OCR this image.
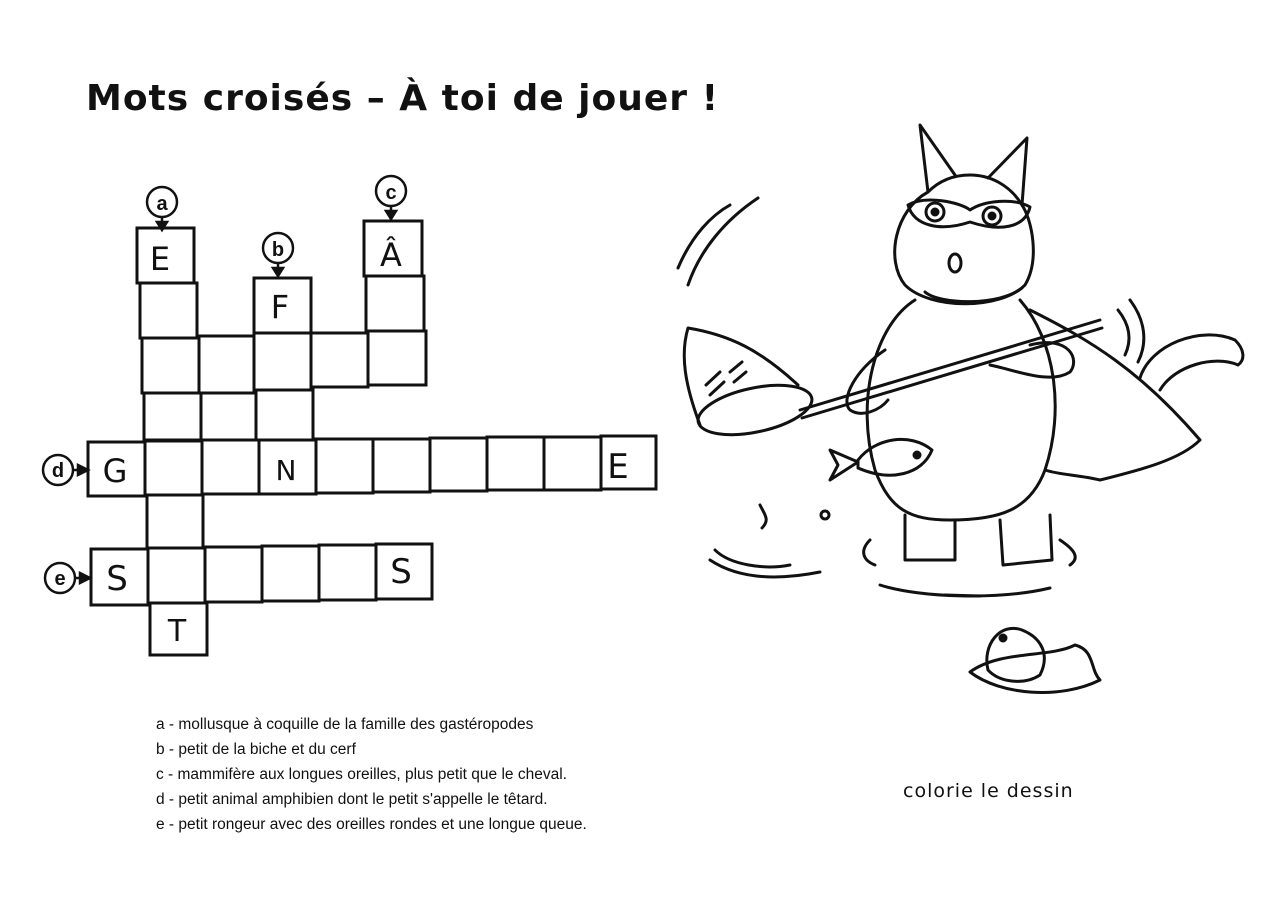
Mots croisés – À toi de jouer !
E
F
Â
G	N	E
S	S
T
a
b
c
d
e
a - mollusque à coquille de la famille des gastéropodes
b - petit de la biche et du cerf
c - mammifère aux longues oreilles, plus petit que le cheval.
d - petit animal amphibien dont le petit s'appelle le têtard.
e - petit rongeur avec des oreilles rondes et une longue queue.
colorie le dessin
